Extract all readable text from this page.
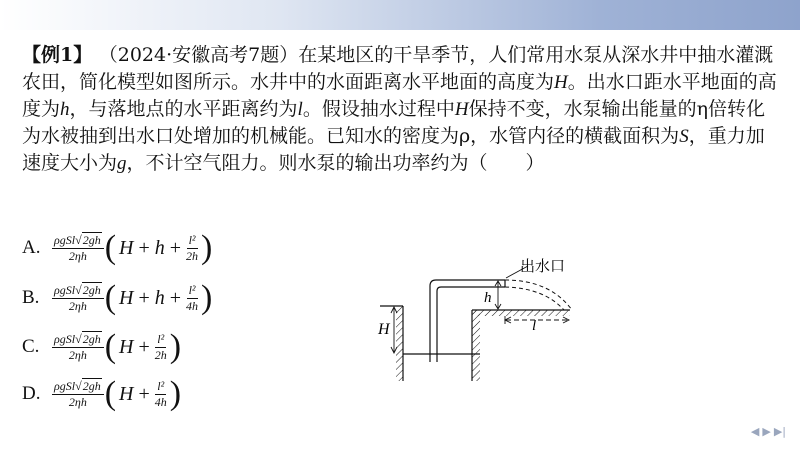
【例1】 （2024·安徽高考7题）在某地区的干旱季节，人们常用水泵从深水井中抽水灌溉农田，简化模型如图所示。水井中的水面距离水平地面的高度为H。出水口距水平地面的高度为h，与落地点的水平距离约为l。假设抽水过程中H保持不变，水泵输出能量的η倍转化为水被抽到出水口处增加的机械能。已知水的密度为ρ，水管内径的横截面积为S，重力加速度大小为g，不计空气阻力。则水泵的输出功率约为（　　）
A. $\frac{\text{ρgSl√2gh}}{2\eta h}$ ( $H + h + \frac{\text{l²}}{2h}$ )
B.	$\frac{\text{ρgSl√2gh}}{2\eta h}$ ( $H + h + \frac{\text{l²}}{4h}$ )
C.	$\frac{\text{ρgSl√2gh}}{2\eta h}$ ( $H + \frac{\text{l²}}{2h}$ )
D. $\frac{\text{ρgSl√2gh}}{2\eta h}$ ( $H + \frac{\text{l²}}{4h}$ )
H
h
l
出水口
◀ ▶ ▶|
